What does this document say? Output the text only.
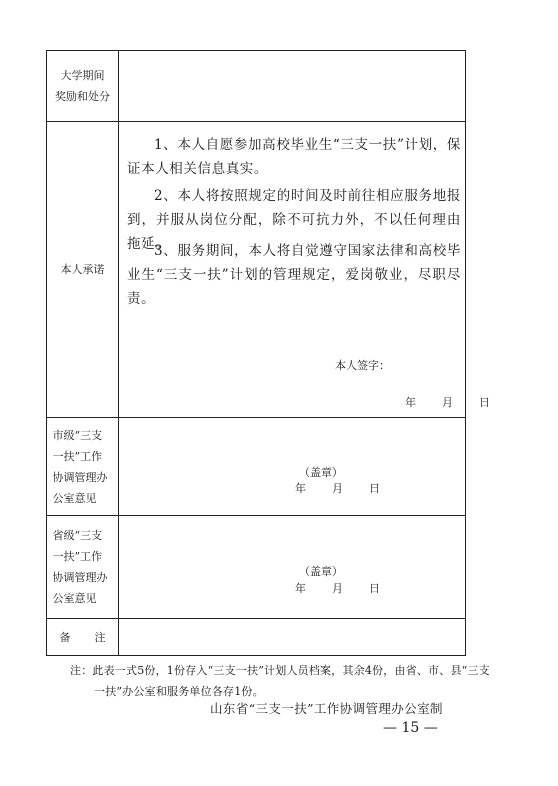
大学期间
奖励和处分
本人承诺
1、本人自愿参加高校毕业生“三支一扶”计划，保证本人相关信息真实。
2、本人将按照规定的时间及时前往相应服务地报到，并服从岗位分配，除不可抗力外，不以任何理由拖延。
3、服务期间，本人将自觉遵守国家法律和高校毕业生“三支一扶”计划的管理规定，爱岗敬业，尽职尽责。
本人签字：
年 月 日
市级“三支
一扶”工作
协调管理办
公室意见
（盖章）
年 月 日
省级“三支
一扶”工作
协调管理办
公室意见
（盖章）
年 月 日
备 注
注：此表一式5份，1份存入“三支一扶”计划人员档案，其余4份，由省、市、县“三支一扶”办公室和服务单位各存1份。
山东省“三支一扶”工作协调管理办公室制
— 15 —
